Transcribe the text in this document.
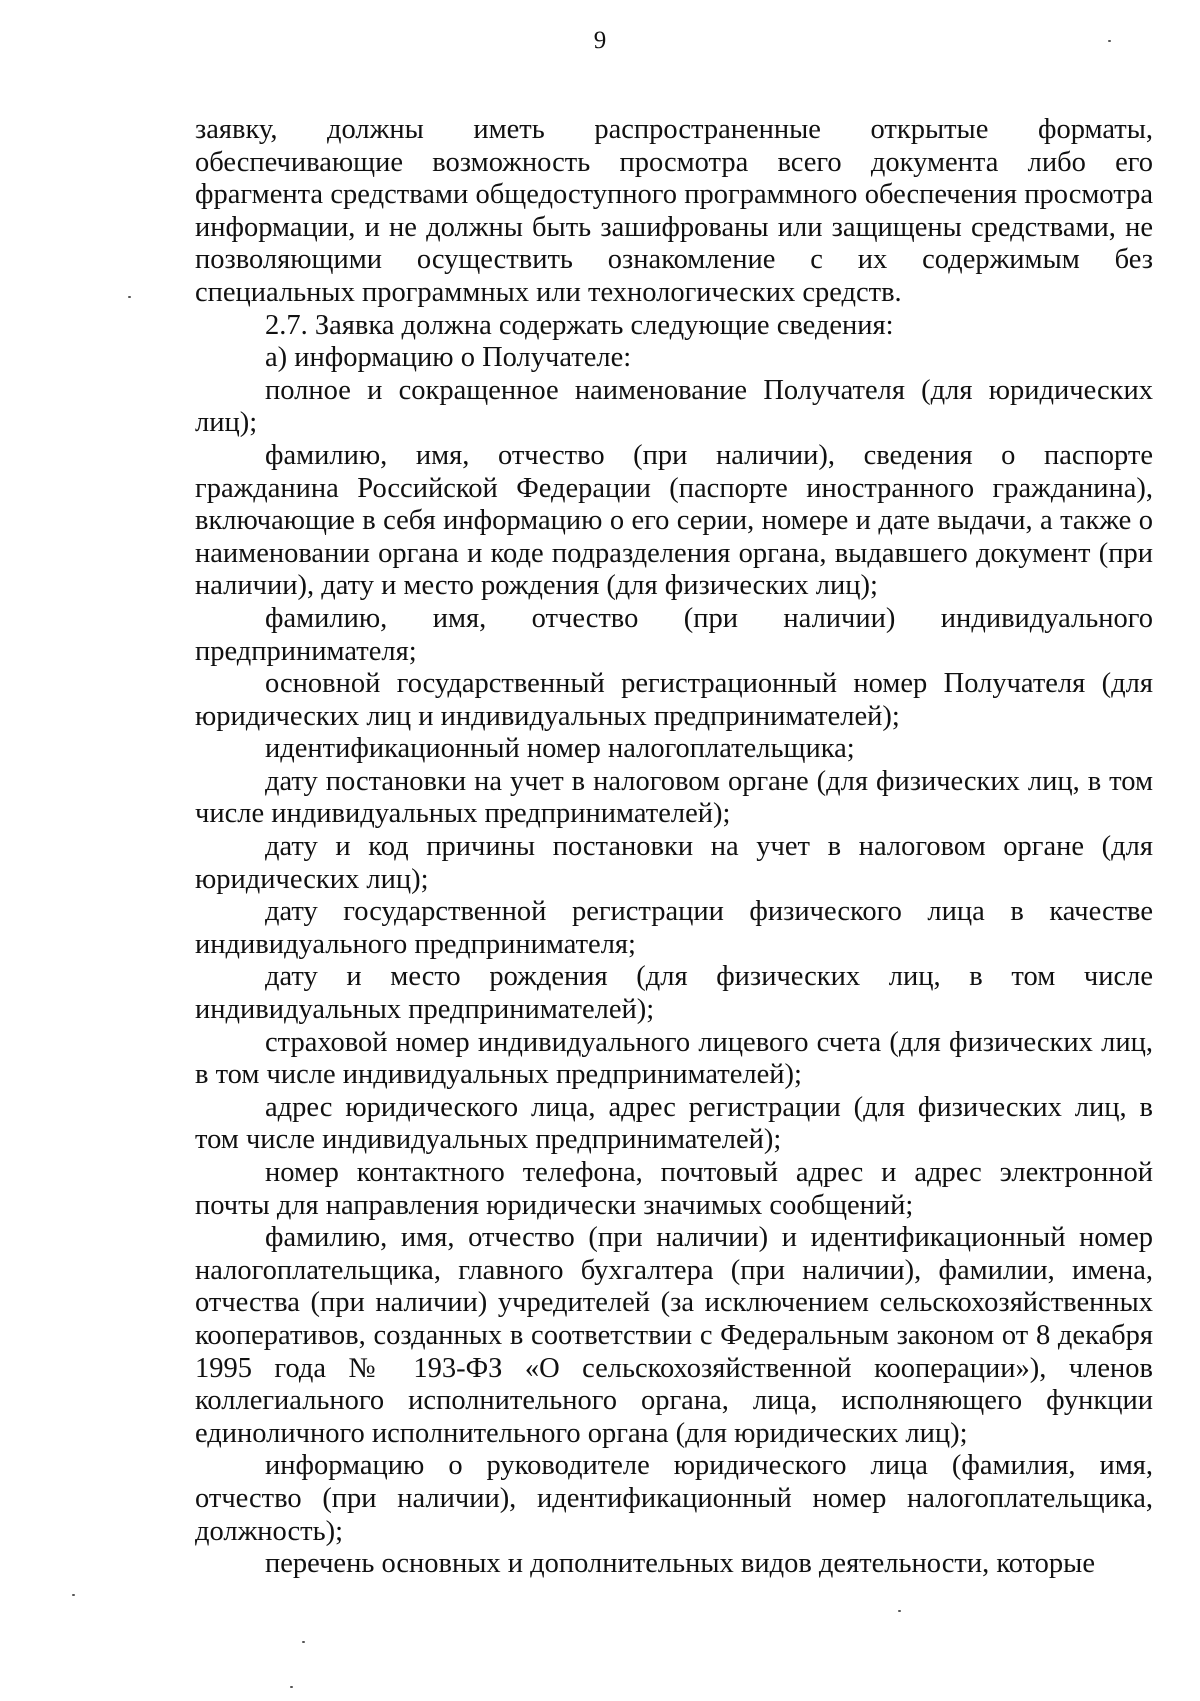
9

заявку, должны иметь распространенные открытые форматы, обеспечивающие возможность просмотра всего документа либо его фрагмента средствами общедоступного программного обеспечения просмотра информации, и не должны быть зашифрованы или защищены средствами, не позволяющими осуществить ознакомление с их содержимым без специальных программных или технологических средств.

2.7. Заявка должна содержать следующие сведения:

а) информацию о Получателе:

полное и сокращенное наименование Получателя (для юридических лиц);

фамилию, имя, отчество (при наличии), сведения о паспорте гражданина Российской Федерации (паспорте иностранного гражданина), включающие в себя информацию о его серии, номере и дате выдачи, а также о наименовании органа и коде подразделения органа, выдавшего документ (при наличии), дату и место рождения (для физических лиц);

фамилию, имя, отчество (при наличии) индивидуального предпринимателя;

основной государственный регистрационный номер Получателя (для юридических лиц и индивидуальных предпринимателей);

идентификационный номер налогоплательщика;

дату постановки на учет в налоговом органе (для физических лиц, в том числе индивидуальных предпринимателей);

дату и код причины постановки на учет в налоговом органе (для юридических лиц);

дату государственной регистрации физического лица в качестве индивидуального предпринимателя;

дату и место рождения (для физических лиц, в том числе индивидуальных предпринимателей);

страховой номер индивидуального лицевого счета (для физических лиц, в том числе индивидуальных предпринимателей);

адрес юридического лица, адрес регистрации (для физических лиц, в том числе индивидуальных предпринимателей);

номер контактного телефона, почтовый адрес и адрес электронной почты для направления юридически значимых сообщений;

фамилию, имя, отчество (при наличии) и идентификационный номер налогоплательщика, главного бухгалтера (при наличии), фамилии, имена, отчества (при наличии) учредителей (за исключением сельскохозяйственных кооперативов, созданных в соответствии с Федеральным законом от 8 декабря 1995 года № 193-ФЗ «О сельскохозяйственной кооперации»), членов коллегиального исполнительного органа, лица, исполняющего функции единоличного исполнительного органа (для юридических лиц);

информацию о руководителе юридического лица (фамилия, имя, отчество (при наличии), идентификационный номер налогоплательщика, должность);

перечень основных и дополнительных видов деятельности, которые
